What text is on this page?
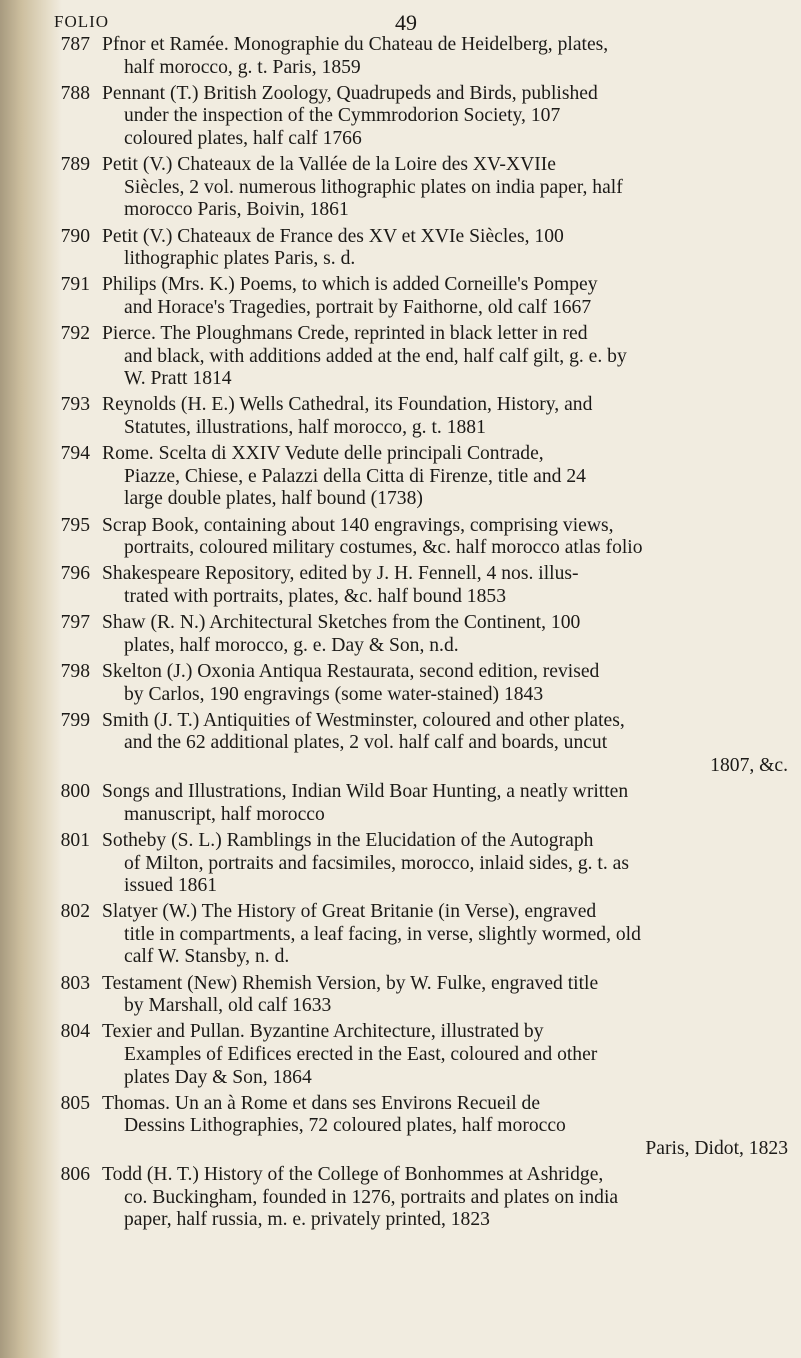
FOLIO	49
787 Pfnor et Ramée. Monographie du Chateau de Heidelberg, plates,
half morocco, g. t. Paris, 1859
788 Pennant (T.) British Zoology, Quadrupeds and Birds, published
under the inspection of the Cymmrodorion Society, 107
coloured plates, half calf 1766
789 Petit (V.) Chateaux de la Vallée de la Loire des XV-XVIIe
Siècles, 2 vol. numerous lithographic plates on india paper, half
morocco Paris, Boivin, 1861
790 Petit (V.) Chateaux de France des XV et XVIe Siècles, 100
lithographic plates Paris, s. d.
791 Philips (Mrs. K.) Poems, to which is added Corneille's Pompey
and Horace's Tragedies, portrait by Faithorne, old calf 1667
792 Pierce. The Ploughmans Crede, reprinted in black letter in red
and black, with additions added at the end, half calf gilt, g. e. by
W. Pratt 1814
793 Reynolds (H. E.) Wells Cathedral, its Foundation, History, and
Statutes, illustrations, half morocco, g. t. 1881
794 Rome. Scelta di XXIV Vedute delle principali Contrade,
Piazze, Chiese, e Palazzi della Citta di Firenze, title and 24
large double plates, half bound (1738)
795 Scrap Book, containing about 140 engravings, comprising views,
portraits, coloured military costumes, &c. half morocco atlas folio
796 Shakespeare Repository, edited by J. H. Fennell, 4 nos. illus-
trated with portraits, plates, &c. half bound 1853
797 Shaw (R. N.) Architectural Sketches from the Continent, 100
plates, half morocco, g. e. Day & Son, n.d.
798 Skelton (J.) Oxonia Antiqua Restaurata, second edition, revised
by Carlos, 190 engravings (some water-stained) 1843
799 Smith (J. T.) Antiquities of Westminster, coloured and other plates,
and the 62 additional plates, 2 vol. half calf and boards, uncut
1807, &c.
800 Songs and Illustrations, Indian Wild Boar Hunting, a neatly written
manuscript, half morocco
801 Sotheby (S. L.) Ramblings in the Elucidation of the Autograph
of Milton, portraits and facsimiles, morocco, inlaid sides, g. t. as
issued 1861
802 Slatyer (W.) The History of Great Britanie (in Verse), engraved
title in compartments, a leaf facing, in verse, slightly wormed, old
calf W. Stansby, n. d.
803 Testament (New) Rhemish Version, by W. Fulke, engraved title
by Marshall, old calf 1633
804 Texier and Pullan. Byzantine Architecture, illustrated by
Examples of Edifices erected in the East, coloured and other
plates Day & Son, 1864
805 Thomas. Un an à Rome et dans ses Environs Recueil de
Dessins Lithographies, 72 coloured plates, half morocco
Paris, Didot, 1823
806 Todd (H. T.) History of the College of Bonhommes at Ashridge,
co. Buckingham, founded in 1276, portraits and plates on india
paper, half russia, m. e. privately printed, 1823
